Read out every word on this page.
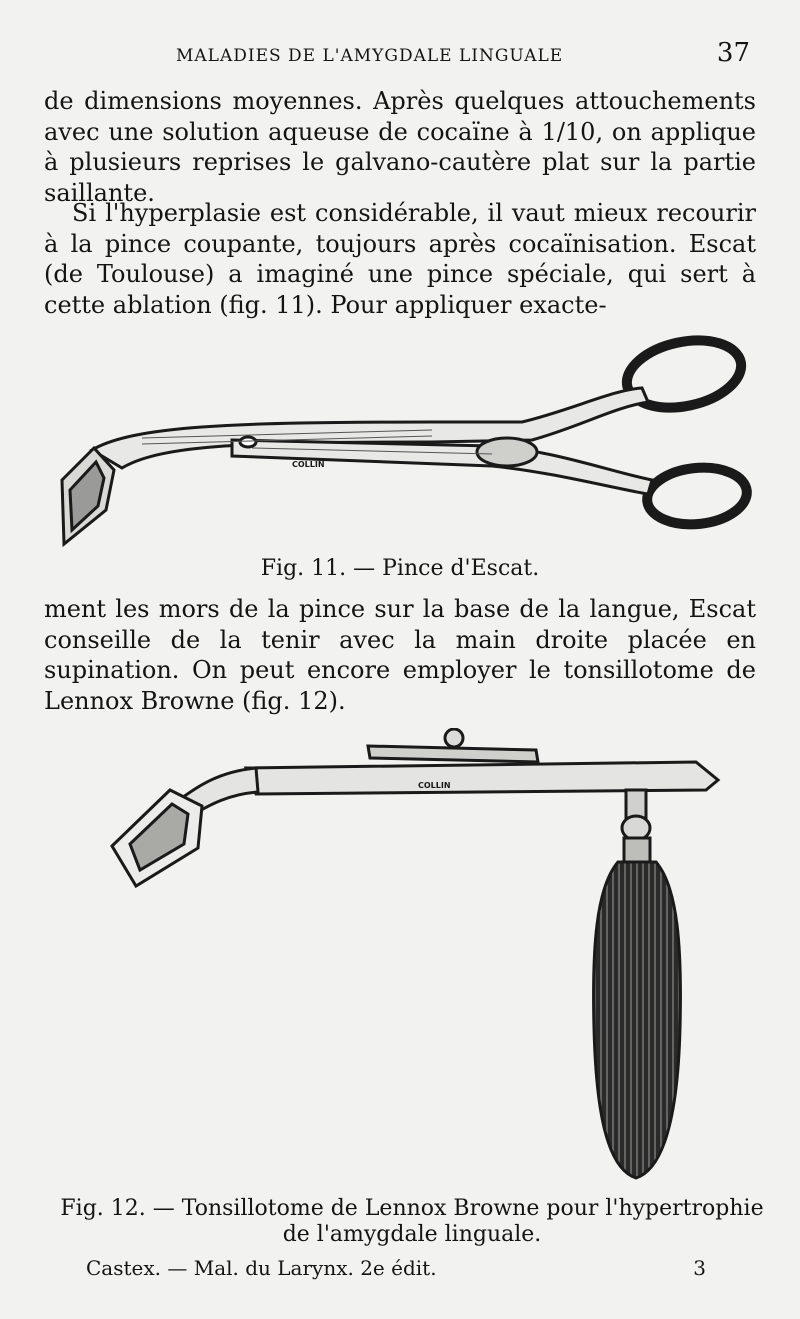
MALADIES DE L'AMYGDALE LINGUALE	37

de dimensions moyennes. Après quelques attouchements avec une solution aqueuse de cocaïne à 1/10, on applique à plusieurs reprises le galvano-cautère plat sur la partie saillante.

Si l'hyperplasie est considérable, il vaut mieux recourir à la pince coupante, toujours après cocaïnisation. Escat (de Toulouse) a imaginé une pince spéciale, qui sert à cette ablation (fig. 11). Pour appliquer exacte-

COLLIN
Fig. 11. — Pince d'Escat.

ment les mors de la pince sur la base de la langue, Escat conseille de la tenir avec la main droite placée en supination. On peut encore employer le tonsillotome de Lennox Browne (fig. 12).

COLLIN
Fig. 12. — Tonsillotome de Lennox Browne pour l'hypertrophie de l'amygdale linguale.
Castex. — Mal. du Larynx. 2e édit.	3
